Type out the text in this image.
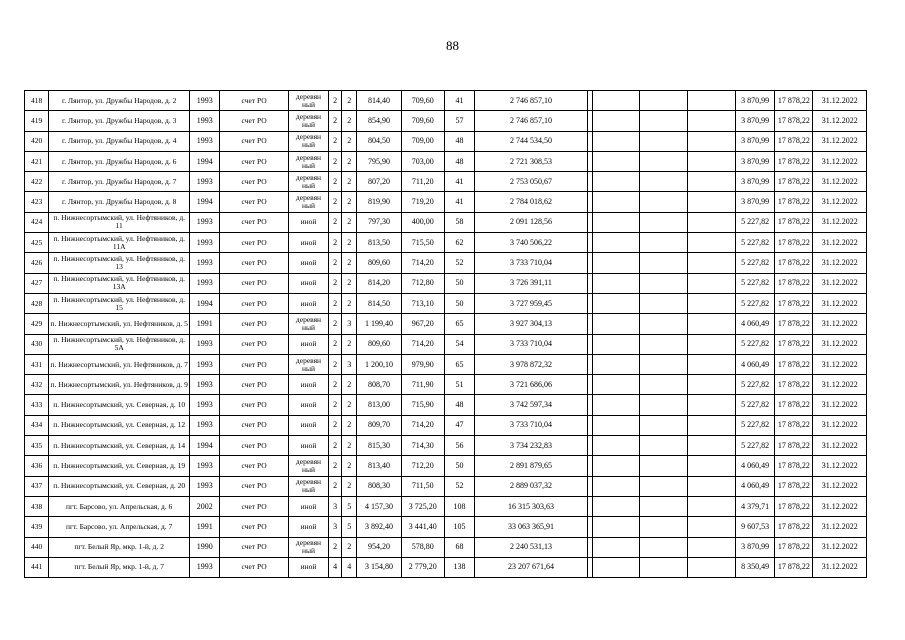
88
418	г. Лянтор, ул. Дружбы Народов, д. 2	1993	счет РО	деревян ный	2	2	814,40	709,60	41	2 746 857,10					3 870,99	17 878,22	31.12.2022
419	г. Лянтор, ул. Дружбы Народов, д. 3	1993	счет РО	деревян ный	2	2	854,90	709,60	57	2 746 857,10					3 870,99	17 878,22	31.12.2022
420	г. Лянтор, ул. Дружбы Народов, д. 4	1993	счет РО	деревян ный	2	2	804,50	709,00	48	2 744 534,50					3 870,99	17 878,22	31.12.2022
421	г. Лянтор, ул. Дружбы Народов, д. 6	1994	счет РО	деревян ный	2	2	795,90	703,00	48	2 721 308,53					3 870,99	17 878,22	31.12.2022
422	г. Лянтор, ул. Дружбы Народов, д. 7	1993	счет РО	деревян ный	2	2	807,20	711,20	41	2 753 050,67					3 870,99	17 878,22	31.12.2022
423	г. Лянтор, ул. Дружбы Народов, д. 8	1994	счет РО	деревян ный	2	2	819,90	719,20	41	2 784 018,62					3 870,99	17 878,22	31.12.2022
424	п. Нижнесортымский, ул. Нефтяников, д. 11	1993	счет РО	иной	2	2	797,30	400,00	58	2 091 128,56					5 227,82	17 878,22	31.12.2022
425	п. Нижнесортымский, ул. Нефтяников, д. 11А	1993	счет РО	иной	2	2	813,50	715,50	62	3 740 506,22					5 227,82	17 878,22	31.12.2022
426	п. Нижнесортымский, ул. Нефтяников, д. 13	1993	счет РО	иной	2	2	809,60	714,20	52	3 733 710,04					5 227,82	17 878,22	31.12.2022
427	п. Нижнесортымский, ул. Нефтяников, д. 13А	1993	счет РО	иной	2	2	814,20	712,80	50	3 726 391,11					5 227,82	17 878,22	31.12.2022
428	п. Нижнесортымский, ул. Нефтяников, д. 15	1994	счет РО	иной	2	2	814,50	713,10	50	3 727 959,45					5 227,82	17 878,22	31.12.2022
429	п. Нижнесортымский, ул. Нефтяников, д. 5	1991	счет РО	деревян ный	2	3	1 199,40	967,20	65	3 927 304,13					4 060,49	17 878,22	31.12.2022
430	п. Нижнесортымский, ул. Нефтяников, д. 5А	1993	счет РО	иной	2	2	809,60	714,20	54	3 733 710,04					5 227,82	17 878,22	31.12.2022
431	п. Нижнесортымский, ул. Нефтяников, д. 7	1993	счет РО	деревян ный	2	3	1 200,10	979,90	65	3 978 872,32					4 060,49	17 878,22	31.12.2022
432	п. Нижнесортымский, ул. Нефтяников, д. 9	1993	счет РО	иной	2	2	808,70	711,90	51	3 721 686,06					5 227,82	17 878,22	31.12.2022
433	п. Нижнесортымский, ул. Северная, д. 10	1993	счет РО	иной	2	2	813,00	715,90	48	3 742 597,34					5 227,82	17 878,22	31.12.2022
434	п. Нижнесортымский, ул. Северная, д. 12	1993	счет РО	иной	2	2	809,70	714,20	47	3 733 710,04					5 227,82	17 878,22	31.12.2022
435	п. Нижнесортымский, ул. Северная, д. 14	1994	счет РО	иной	2	2	815,30	714,30	56	3 734 232,83					5 227,82	17 878,22	31.12.2022
436	п. Нижнесортымский, ул. Северная, д. 19	1993	счет РО	деревян ный	2	2	813,40	712,20	50	2 891 879,65					4 060,49	17 878,22	31.12.2022
437	п. Нижнесортымский, ул. Северная, д. 20	1993	счет РО	деревян ный	2	2	808,30	711,50	52	2 889 037,32					4 060,49	17 878,22	31.12.2022
438	пгт. Барсово, ул. Апрельская, д. 6	2002	счет РО	иной	3	5	4 157,30	3 725,20	108	16 315 303,63					4 379,71	17 878,22	31.12.2022
439	пгт. Барсово, ул. Апрельская, д. 7	1991	счет РО	иной	3	5	3 892,40	3 441,40	105	33 063 365,91					9 607,53	17 878,22	31.12.2022
440	пгт. Белый Яр, мкр. 1-й, д. 2	1990	счет РО	деревян ный	2	2	954,20	578,80	68	2 240 531,13					3 870,99	17 878,22	31.12.2022
441	пгт. Белый Яр, мкр. 1-й, д. 7	1993	счет РО	иной	4	4	3 154,80	2 779,20	138	23 207 671,64					8 350,49	17 878,22	31.12.2022
